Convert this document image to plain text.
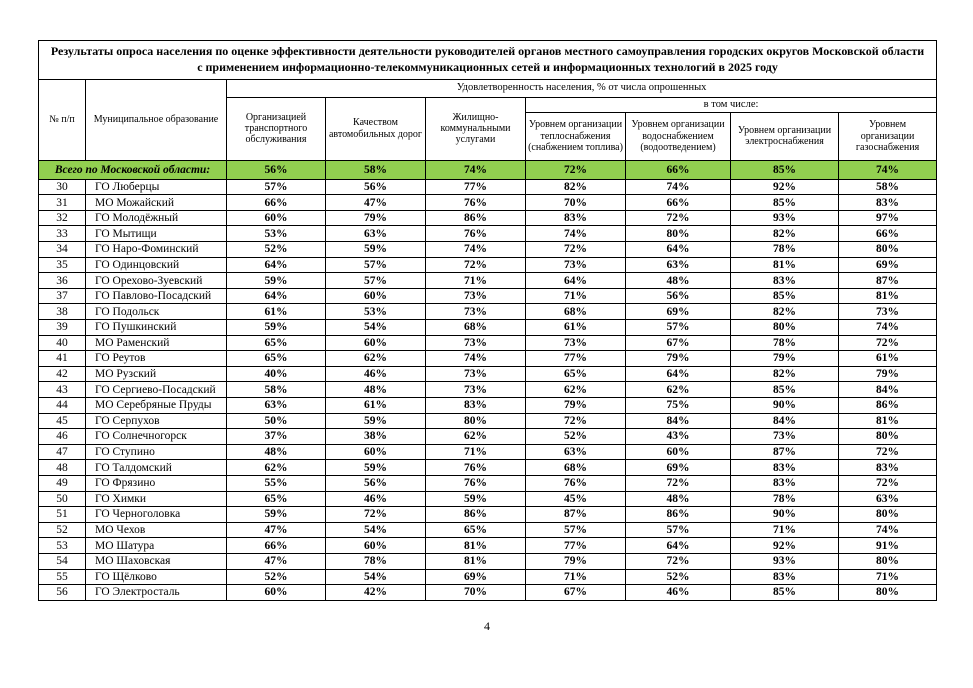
Результаты опроса населения по оценке эффективности деятельности руководителей органов местного самоуправления городских округов Московской области с применением информационно-телекоммуникационных сетей и информационных технологий в 2025 году								
№ п/п	Муниципальное образование	Удовлетворенность населения, % от числа опрошенных						
		Организацией транспортного обслуживания	Качеством автомобильных дорог	Жилищно-коммунальными услугами	в том числе:			
					Уровнем организации теплоснабжения (снабжением топлива)	Уровнем организации водоснабжением (водоотведением)	Уровнем организации электроснабжения	Уровнем организации газоснабжения
Всего по Московской области:		56%	58%	74%	72%	66%	85%	74%
30	ГО Люберцы	57%	56%	77%	82%	74%	92%	58%
31	МО Можайский	66%	47%	76%	70%	66%	85%	83%
32	ГО Молодёжный	60%	79%	86%	83%	72%	93%	97%
33	ГО Мытищи	53%	63%	76%	74%	80%	82%	66%
34	ГО Наро-Фоминский	52%	59%	74%	72%	64%	78%	80%
35	ГО Одинцовский	64%	57%	72%	73%	63%	81%	69%
36	ГО Орехово-Зуевский	59%	57%	71%	64%	48%	83%	87%
37	ГО Павлово-Посадский	64%	60%	73%	71%	56%	85%	81%
38	ГО Подольск	61%	53%	73%	68%	69%	82%	73%
39	ГО Пушкинский	59%	54%	68%	61%	57%	80%	74%
40	МО Раменский	65%	60%	73%	73%	67%	78%	72%
41	ГО Реутов	65%	62%	74%	77%	79%	79%	61%
42	МО Рузский	40%	46%	73%	65%	64%	82%	79%
43	ГО Сергиево-Посадский	58%	48%	73%	62%	62%	85%	84%
44	МО Серебряные Пруды	63%	61%	83%	79%	75%	90%	86%
45	ГО Серпухов	50%	59%	80%	72%	84%	84%	81%
46	ГО Солнечногорск	37%	38%	62%	52%	43%	73%	80%
47	ГО Ступино	48%	60%	71%	63%	60%	87%	72%
48	ГО Талдомский	62%	59%	76%	68%	69%	83%	83%
49	ГО Фрязино	55%	56%	76%	76%	72%	83%	72%
50	ГО Химки	65%	46%	59%	45%	48%	78%	63%
51	ГО Черноголовка	59%	72%	86%	87%	86%	90%	80%
52	МО Чехов	47%	54%	65%	57%	57%	71%	74%
53	МО Шатура	66%	60%	81%	77%	64%	92%	91%
54	МО Шаховская	47%	78%	81%	79%	72%	93%	80%
55	ГО Щёлково	52%	54%	69%	71%	52%	83%	71%
56	ГО Электросталь	60%	42%	70%	67%	46%	85%	80%
4
